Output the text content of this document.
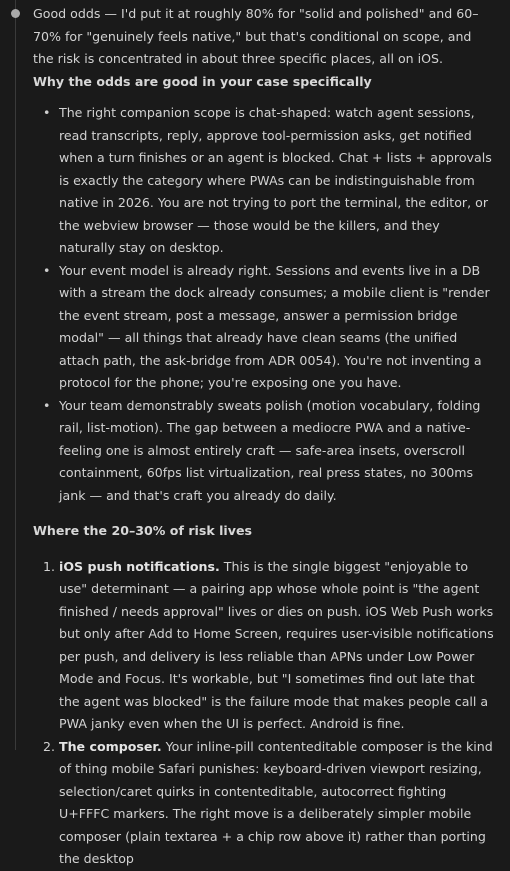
Good odds — I'd put it at roughly 80% for "solid and polished" and 60–70% for "genuinely feels native," but that's conditional on scope, and the risk is concentrated in about three specific places, all on iOS.

Why the odds are good in your case specifically

• The right companion scope is chat-shaped: watch agent sessions, read transcripts, reply, approve tool-permission asks, get notified when a turn finishes or an agent is blocked. Chat + lists + approvals is exactly the category where PWAs can be indistinguishable from native in 2026. You are not trying to port the terminal, the editor, or the webview browser — those would be the killers, and they naturally stay on desktop.
• Your event model is already right. Sessions and events live in a DB with a stream the dock already consumes; a mobile client is "render the event stream, post a message, answer a permission bridge modal" — all things that already have clean seams (the unified attach path, the ask-bridge from ADR 0054). You're not inventing a protocol for the phone; you're exposing one you have.
• Your team demonstrably sweats polish (motion vocabulary, folding rail, list-motion). The gap between a mediocre PWA and a native-feeling one is almost entirely craft — safe-area insets, overscroll containment, 60fps list virtualization, real press states, no 300ms jank — and that's craft you already do daily.

Where the 20–30% of risk lives

1. iOS push notifications. This is the single biggest "enjoyable to use" determinant — a pairing app whose whole point is "the agent finished / needs approval" lives or dies on push. iOS Web Push works but only after Add to Home Screen, requires user-visible notifications per push, and delivery is less reliable than APNs under Low Power Mode and Focus. It's workable, but "I sometimes find out late that the agent was blocked" is the failure mode that makes people call a PWA janky even when the UI is perfect. Android is fine.
2. The composer. Your inline-pill contenteditable composer is the kind of thing mobile Safari punishes: keyboard-driven viewport resizing, selection/caret quirks in contenteditable, autocorrect fighting U+FFFC markers. The right move is a deliberately simpler mobile composer (plain textarea + a chip row above it) rather than porting the desktop
